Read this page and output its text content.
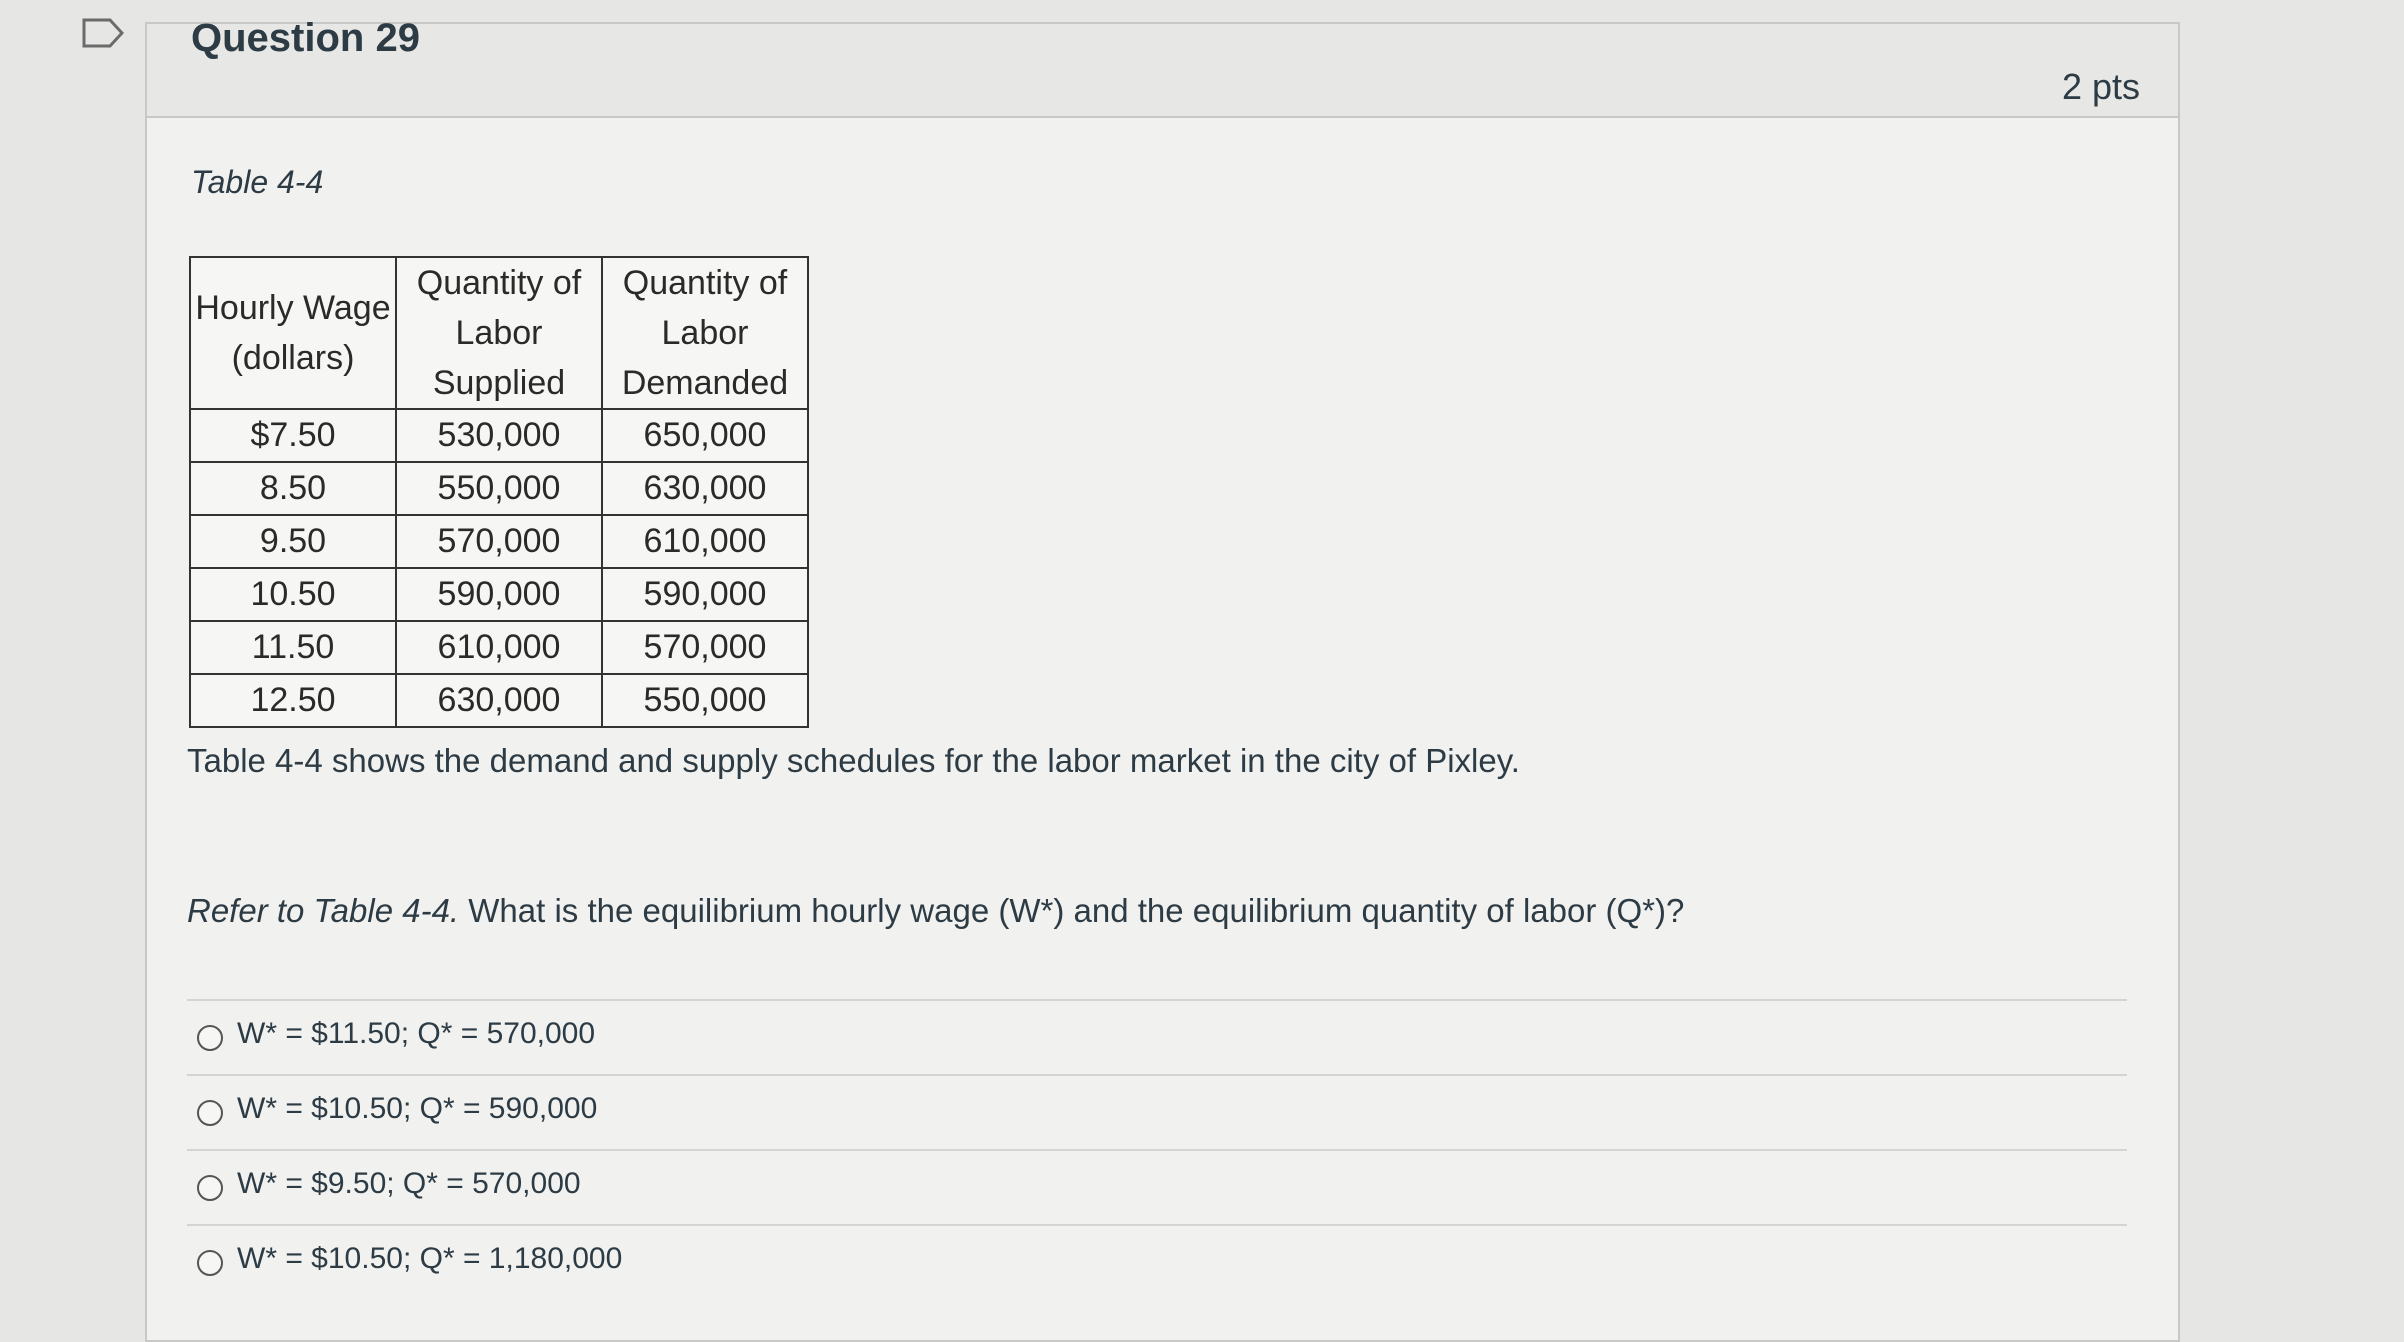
Question 29
2 pts
Table 4-4
Hourly Wage (dollars)	Quantity of Labor Supplied	Quantity of Labor Demanded
$7.50	530,000	650,000
8.50	550,000	630,000
9.50	570,000	610,000
10.50	590,000	590,000
11.50	610,000	570,000
12.50	630,000	550,000
Table 4-4 shows the demand and supply schedules for the labor market in the city of Pixley.
Refer to Table 4-4. What is the equilibrium hourly wage (W*) and the equilibrium quantity of labor (Q*)?
W* = $11.50; Q* = 570,000
W* = $10.50; Q* = 590,000
W* = $9.50; Q* = 570,000
W* = $10.50; Q* = 1,180,000
